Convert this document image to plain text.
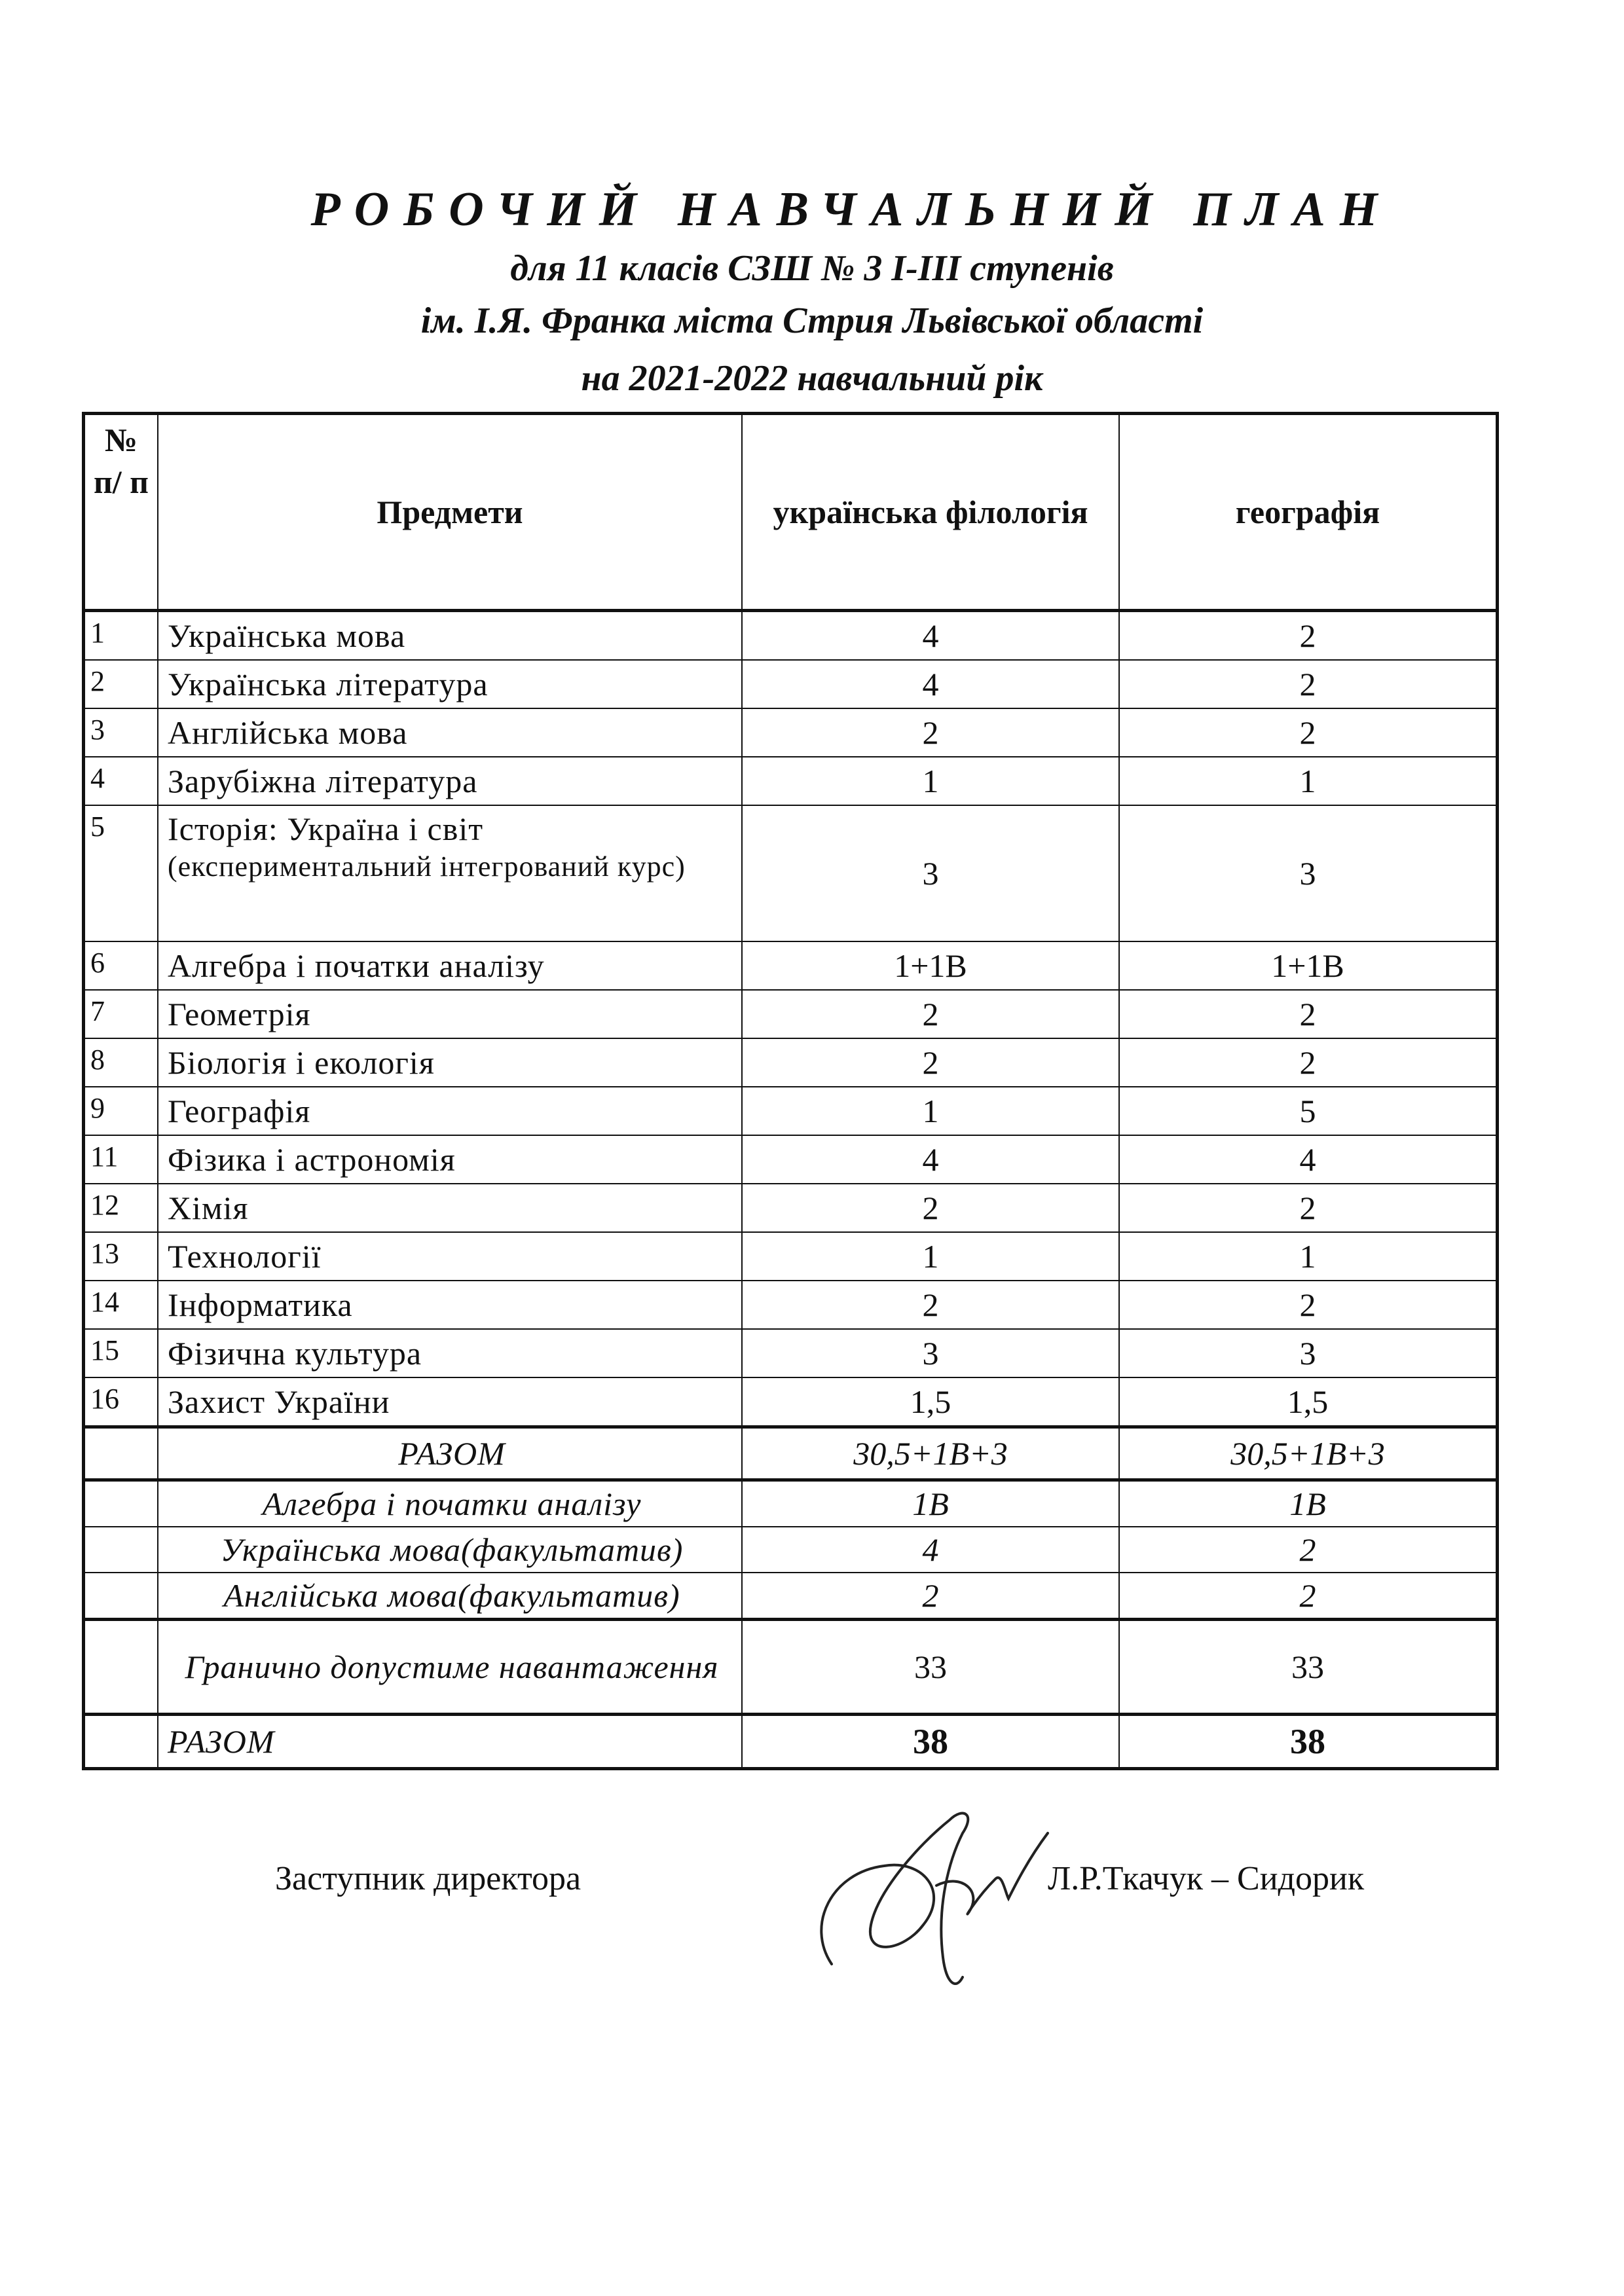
РОБОЧИЙ НАВЧАЛЬНИЙ ПЛАН
для 11 класів СЗШ № 3 І-ІІІ ступенів
ім. І.Я. Франка міста Стрия Львівської області
на 2021-2022 навчальний рік
№ п/ п	Предмети	українська філологія	географія
1	Українська мова	4	2
2	Українська література	4	2
3	Англійська мова	2	2
4	Зарубіжна література	1	1
5	Історія: Україна і світ
(експериментальний інтегрований курс)	3	3
6	Алгебра і початки аналізу	1+1В	1+1В
7	Геометрія	2	2
8	Біологія і екологія	2	2
9	Географія	1	5
11	Фізика і астрономія	4	4
12	Хімія	2	2
13	Технології	1	1
14	Інформатика	2	2
15	Фізична культура	3	3
16	Захист України	1,5	1,5
	РАЗОМ	30,5+1В+3	30,5+1В+3
	Алгебра і початки аналізу	1В	1В
	Українська мова(факультатив)	4	2
	Англійська мова(факультатив)	2	2
	Гранично допустиме навантаження	33	33
	РАЗОМ	38	38
Заступник директора	Л.Р.Ткачук – Сидорик
